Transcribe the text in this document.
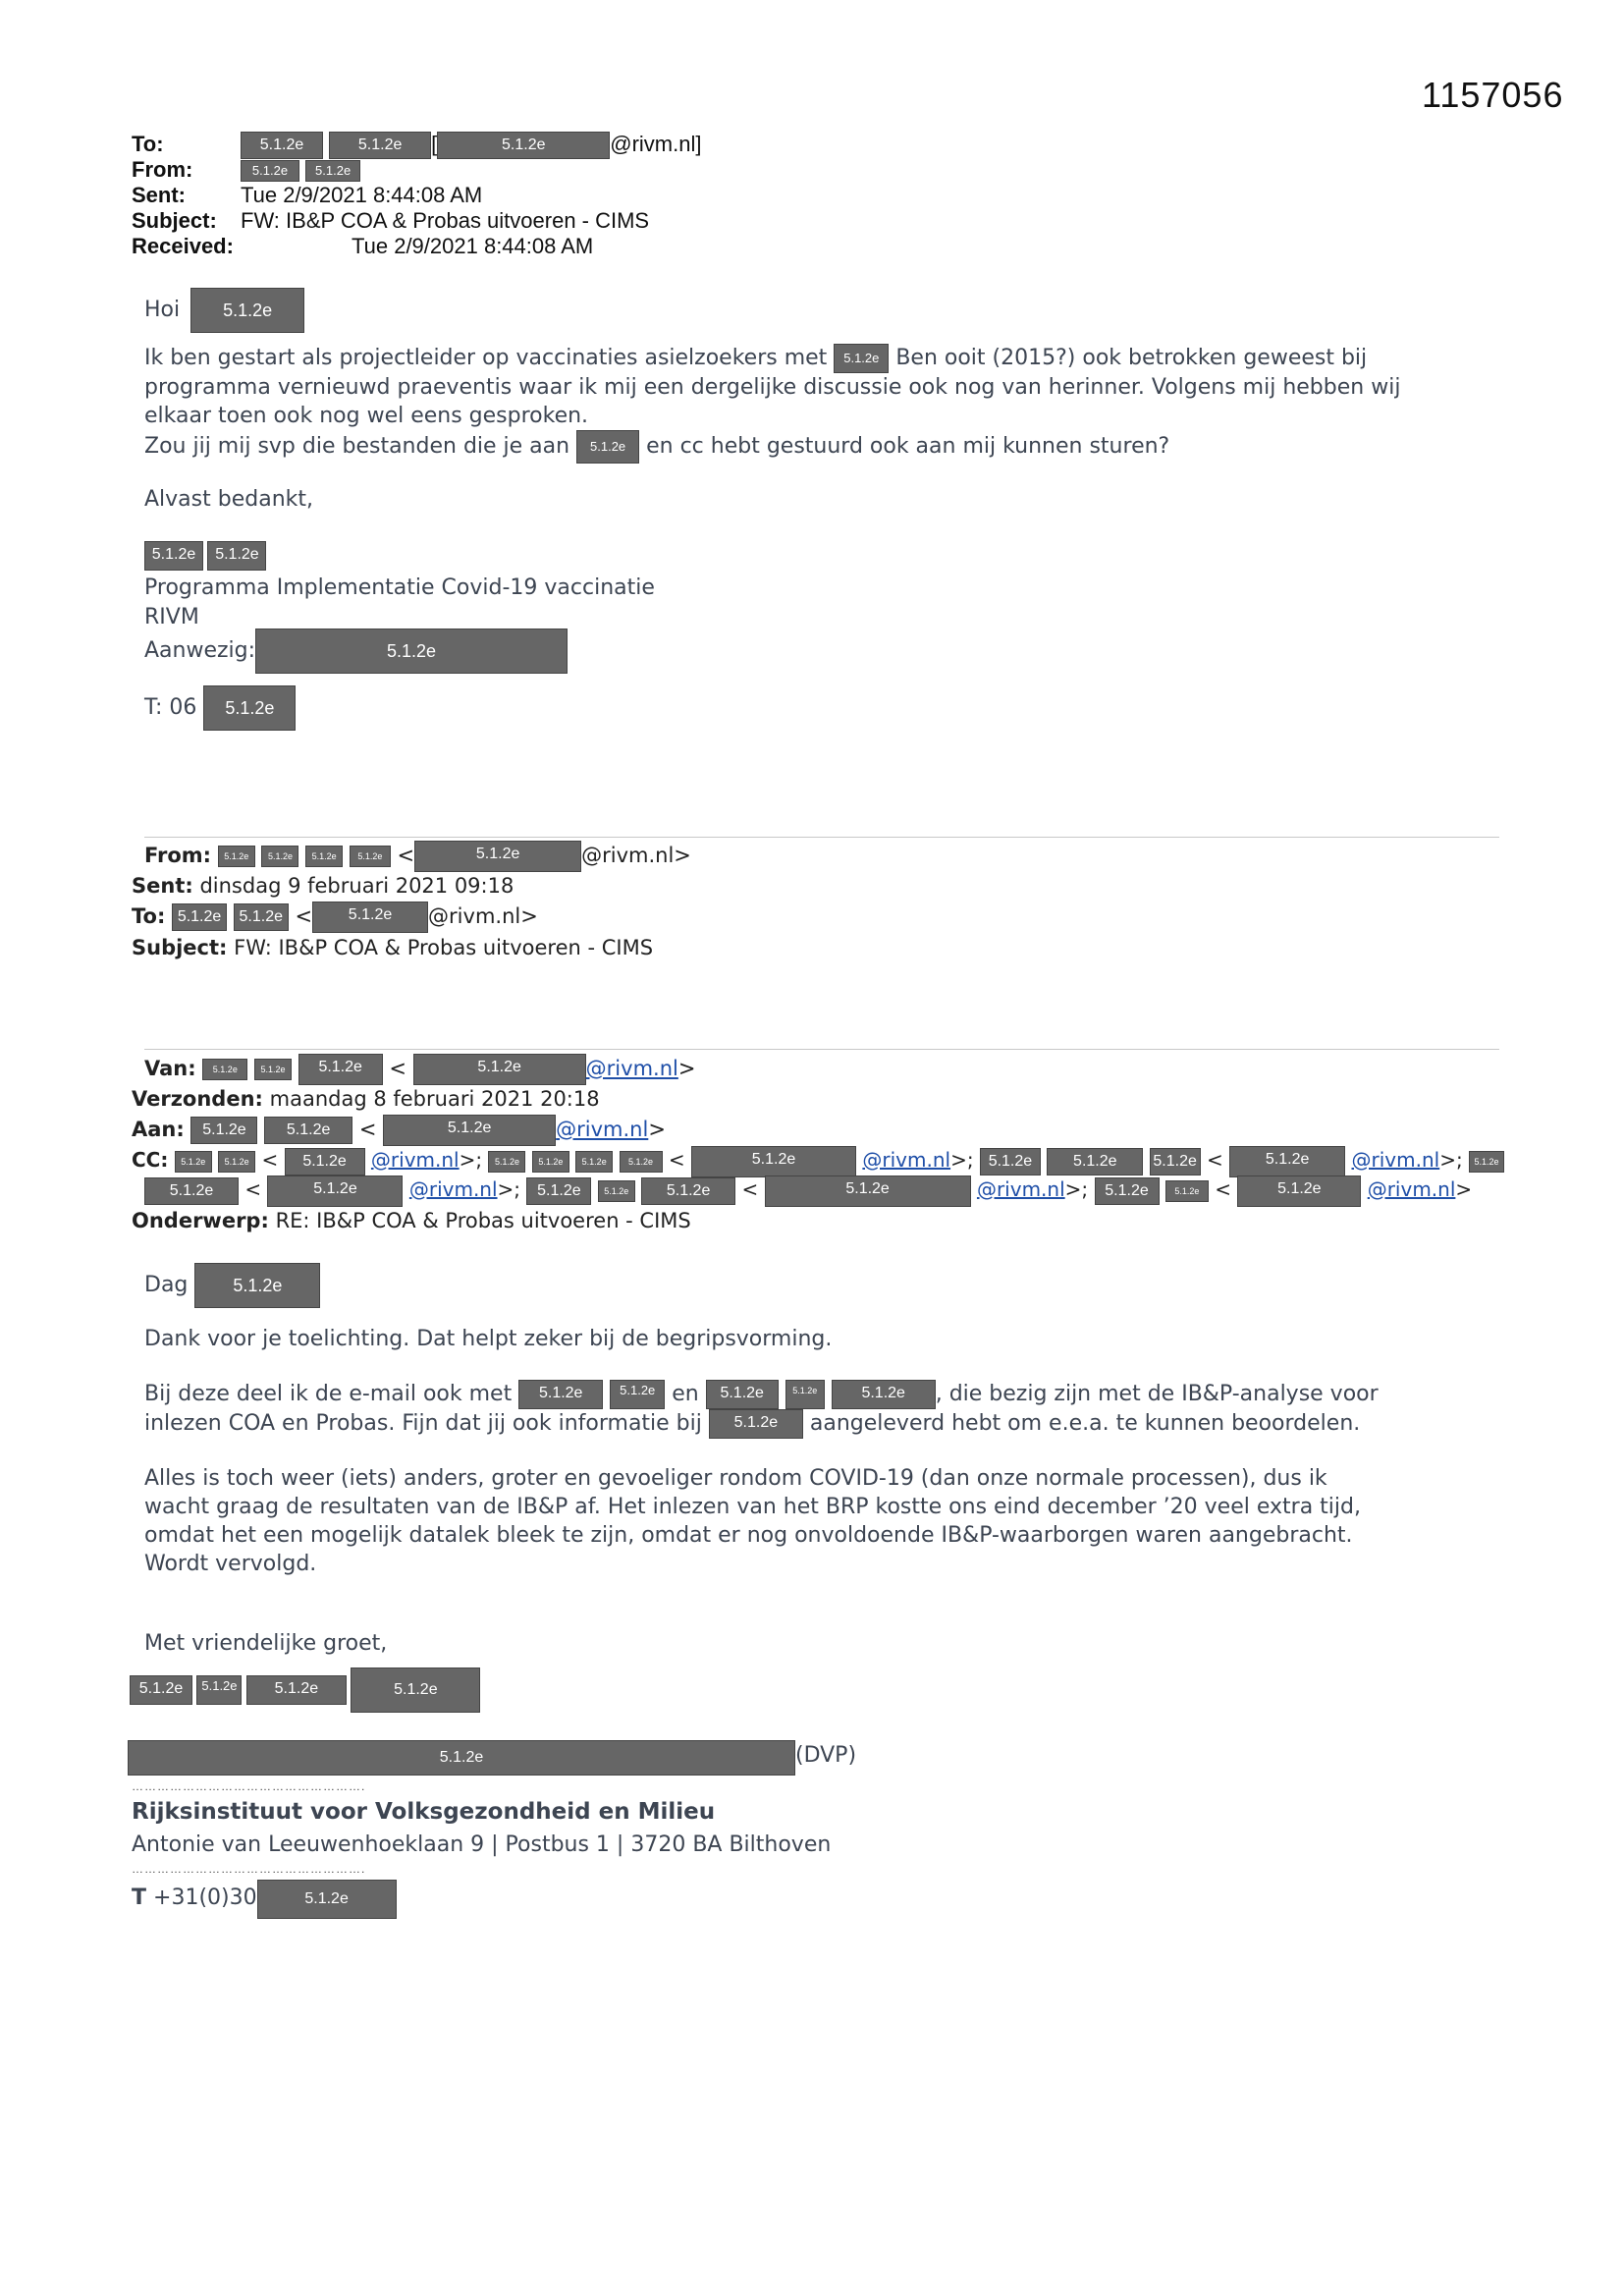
1157056
To:	5.1.2e	5.1.2e [	5.1.2e	@rivm.nl]
From:	5.1.2e 5.1.2e
Sent:	Tue 2/9/2021 8:44:08 AM
Subject: FW: IB&P COA & Probas uitvoeren - CIMS
Received:	Tue 2/9/2021 8:44:08 AM
Hoi 5.1.2e
Ik ben gestart als projectleider op vaccinaties asielzoekers met 5.1.2e Ben ooit (2015?) ook betrokken geweest bij
programma vernieuwd praeventis waar ik mij een dergelijke discussie ook nog van herinner. Volgens mij hebben wij
elkaar toen ook nog wel eens gesproken.
Zou jij mij svp die bestanden die je aan 5.1.2e en cc hebt gestuurd ook aan mij kunnen sturen?
Alvast bedankt,
5.1.2e 5.1.2e
Programma Implementatie Covid-19 vaccinatie
RIVM
Aanwezig:	5.1.2e
T: 06 5.1.2e
From: 5.1.2e 5.1.2e 5.1.2e 5.1.2e <	5.1.2e	@rivm.nl>
Sent: dinsdag 9 februari 2021 09:18
To: 5.1.2e 5.1.2e < 5.1.2e @rivm.nl>
Subject: FW: IB&P COA & Probas uitvoeren - CIMS
Van: 5.1.2e	5.1.2e 5.1.2e <	5.1.2e	@rivm.nl>
Verzonden: maandag 8 februari 2021 20:18
Aan: 5.1.2e	5.1.2e <	5.1.2e	@rivm.nl>
CC: 5.1.2e 5.1.2e < 5.1.2e @rivm.nl>; 5.1.2e 5.1.2e 5.1.2e 5.1.2e <	5.1.2e	@rivm.nl>; 5.1.2e	5.1.2e 5.1.2e <	5.1.2e @rivm.nl>; 5.1.2e
5.1.2e <	5.1.2e	@rivm.nl>; 5.1.2e	5.1.2e 5.1.2e <	5.1.2e	@rivm.nl>; 5.1.2e	5.1.2e <	5.1.2e @rivm.nl>
Onderwerp: RE: IB&P COA & Probas uitvoeren - CIMS
Dag	5.1.2e
Dank voor je toelichting. Dat helpt zeker bij de begripsvorming.
Bij deze deel ik de e-mail ook met 5.1.2e	5.1.2e en 5.1.2e	5.1.2e	5.1.2e , die bezig zijn met de IB&P-analyse voor
inlezen COA en Probas. Fijn dat jij ook informatie bij 5.1.2e aangeleverd hebt om e.e.a. te kunnen beoordelen.
Alles is toch weer (iets) anders, groter en gevoeliger rondom COVID-19 (dan onze normale processen), dus ik
wacht graag de resultaten van de IB&P af. Het inlezen van het BRP kostte ons eind december ’20 veel extra tijd,
omdat het een mogelijk datalek bleek te zijn, omdat er nog onvoldoende IB&P-waarborgen waren aangebracht.
Wordt vervolgd.
Met vriendelijke groet,
5.1.2e 5.1.2e 5.1.2e	5.1.2e
5.1.2e	(DVP)
……………………………………………….
Rijksinstituut voor Volksgezondheid en Milieu
Antonie van Leeuwenhoeklaan 9 | Postbus 1 | 3720 BA Bilthoven
……………………………………………….
T +31(0)30	5.1.2e
